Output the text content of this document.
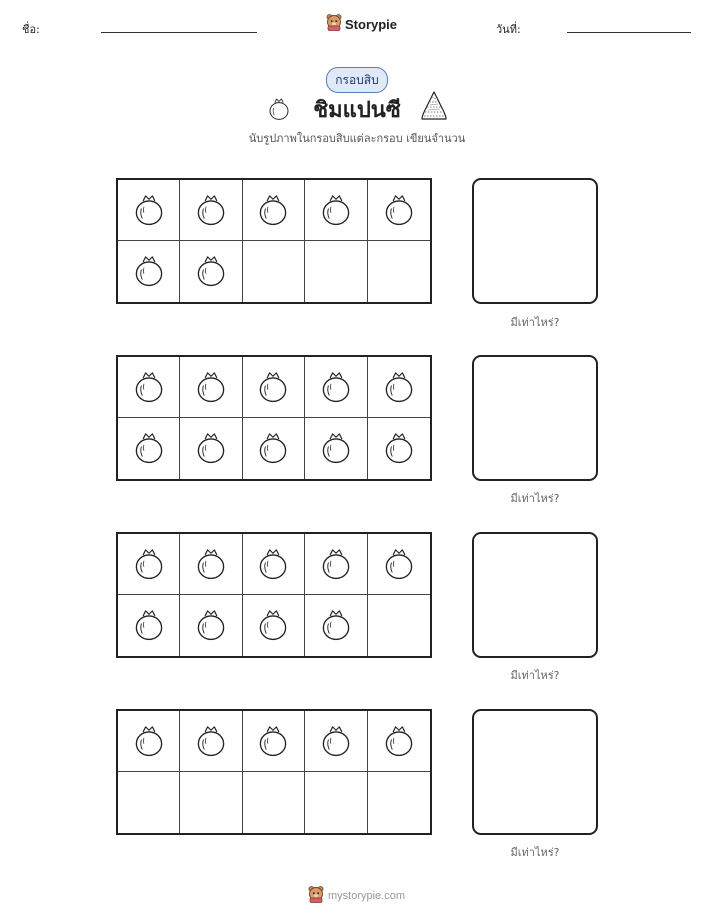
ชื่อ:	Storypie	วันที่:
กรอบสิบ
ชิมแปนซี
นับรูปภาพในกรอบสิบแต่ละกรอบ เขียนจำนวน
มีเท่าไหร่?
มีเท่าไหร่?
มีเท่าไหร่?
มีเท่าไหร่?
mystorypie.com
